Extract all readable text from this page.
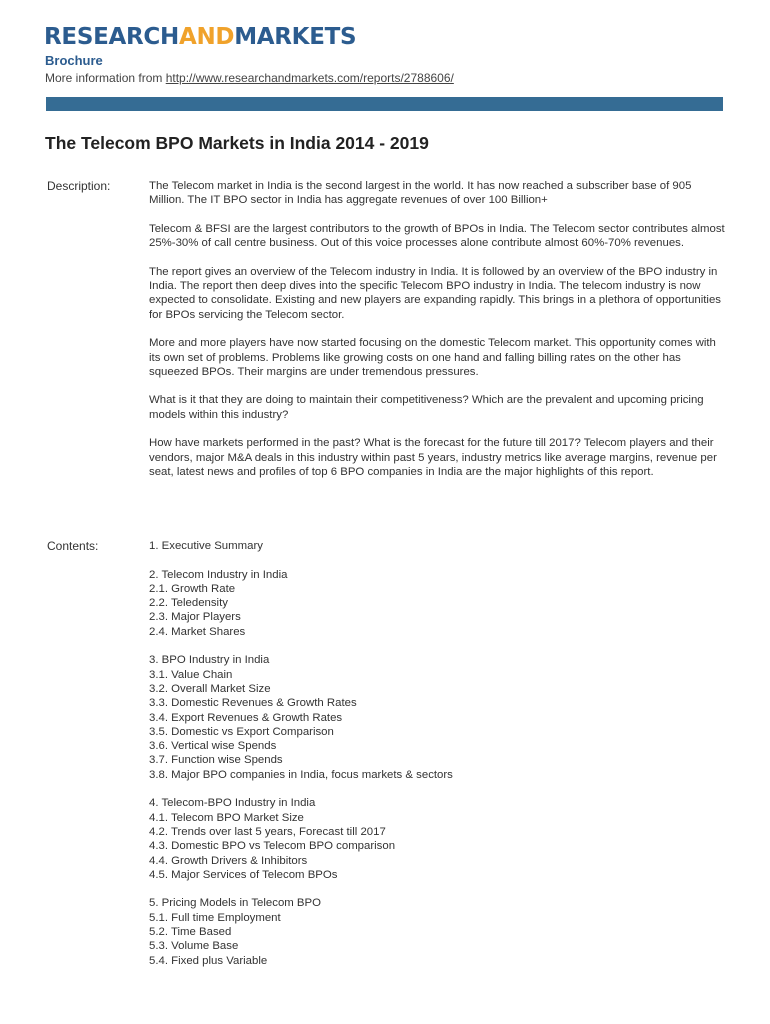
RESEARCHANDMARKETS
Brochure
More information from http://www.researchandmarkets.com/reports/2788606/
The Telecom BPO Markets in India 2014 - 2019
Description:	The Telecom market in India is the second largest in the world. It has now reached a subscriber base of 905 Million. The IT BPO sector in India has aggregate revenues of over 100 Billion+

Telecom & BFSI are the largest contributors to the growth of BPOs in India. The Telecom sector contributes almost 25%-30% of call centre business. Out of this voice processes alone contribute almost 60%-70% revenues.

The report gives an overview of the Telecom industry in India. It is followed by an overview of the BPO industry in India. The report then deep dives into the specific Telecom BPO industry in India. The telecom industry is now expected to consolidate. Existing and new players are expanding rapidly. This brings in a plethora of opportunities for BPOs servicing the Telecom sector.

More and more players have now started focusing on the domestic Telecom market. This opportunity comes with its own set of problems. Problems like growing costs on one hand and falling billing rates on the other has squeezed BPOs. Their margins are under tremendous pressures.

What is it that they are doing to maintain their competitiveness? Which are the prevalent and upcoming pricing models within this industry?

How have markets performed in the past? What is the forecast for the future till 2017? Telecom players and their vendors, major M&A deals in this industry within past 5 years, industry metrics like average margins, revenue per seat, latest news and profiles of top 6 BPO companies in India are the major highlights of this report.

Contents:	1. Executive Summary
2. Telecom Industry in India
2.1. Growth Rate
2.2. Teledensity
2.3. Major Players
2.4. Market Shares
3. BPO Industry in India
3.1. Value Chain
3.2. Overall Market Size
3.3. Domestic Revenues & Growth Rates
3.4. Export Revenues & Growth Rates
3.5. Domestic vs Export Comparison
3.6. Vertical wise Spends
3.7. Function wise Spends
3.8. Major BPO companies in India, focus markets & sectors
4. Telecom-BPO Industry in India
4.1. Telecom BPO Market Size
4.2. Trends over last 5 years, Forecast till 2017
4.3. Domestic BPO vs Telecom BPO comparison
4.4. Growth Drivers & Inhibitors
4.5. Major Services of Telecom BPOs
5. Pricing Models in Telecom BPO
5.1. Full time Employment
5.2. Time Based
5.3. Volume Base
5.4. Fixed plus Variable
